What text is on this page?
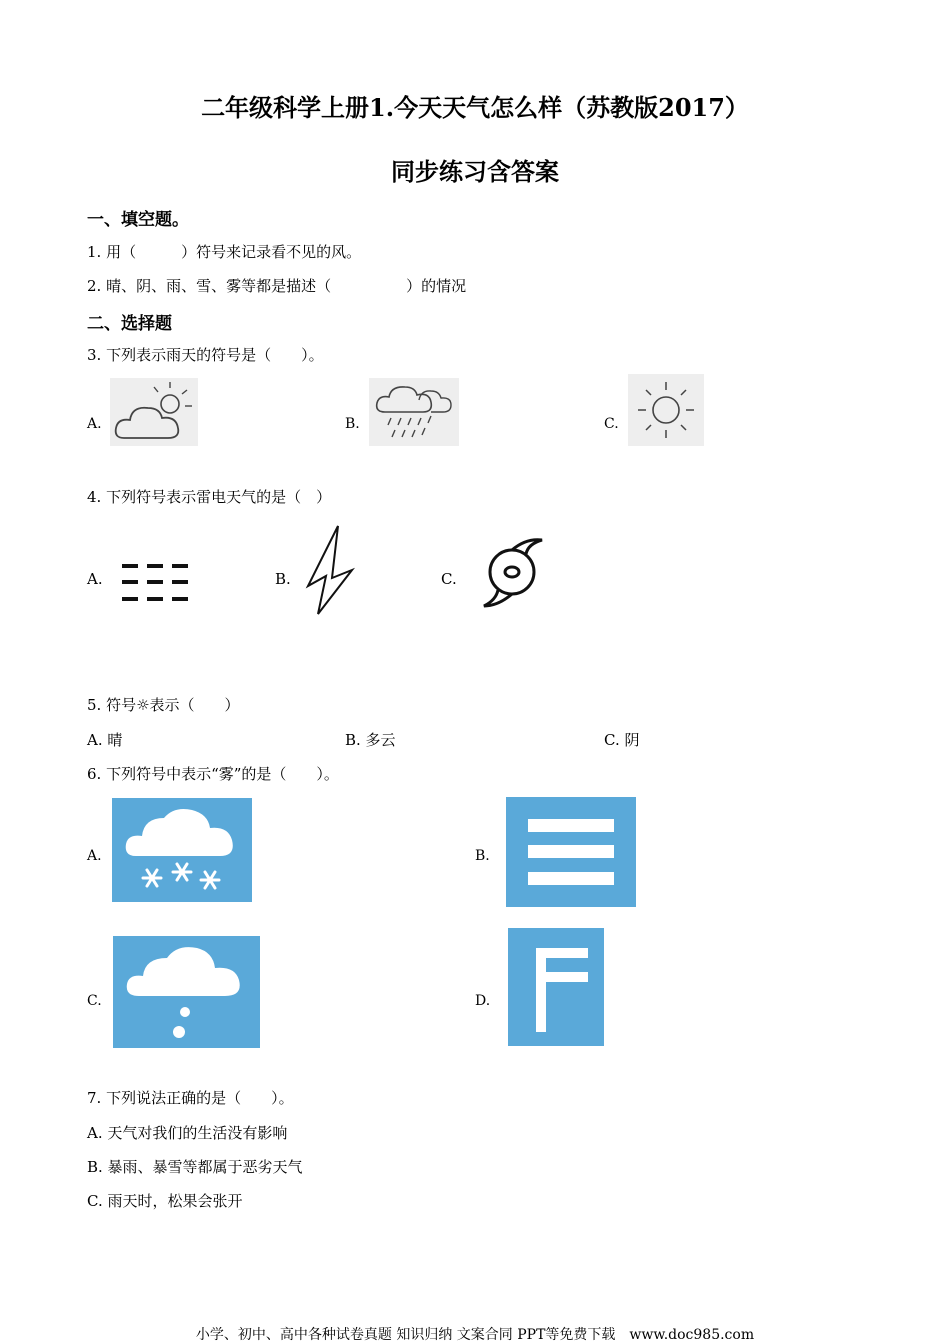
二年级科学上册1.今天天气怎么样（苏教版2017）
同步练习含答案
一、填空题。
1. 用（　　　）符号来记录看不见的风。
2. 晴、阴、雨、雪、雾等都是描述（　　　　　）的情况
二、选择题
3. 下列表示雨天的符号是（　　）。
A.	B.	C.
4. 下列符号表示雷电天气的是（　）
A.	B.	C.
5. 符号☼表示（　　）
A. 晴	B. 多云	C. 阴
6. 下列符号中表示“雾”的是（　　）。
A.	B.
C.	D.
7. 下列说法正确的是（　　）。
A. 天气对我们的生活没有影响
B. 暴雨、暴雪等都属于恶劣天气
C. 雨天时，松果会张开
小学、初中、高中各种试卷真题 知识归纳 文案合同 PPT等免费下载　www.doc985.com
